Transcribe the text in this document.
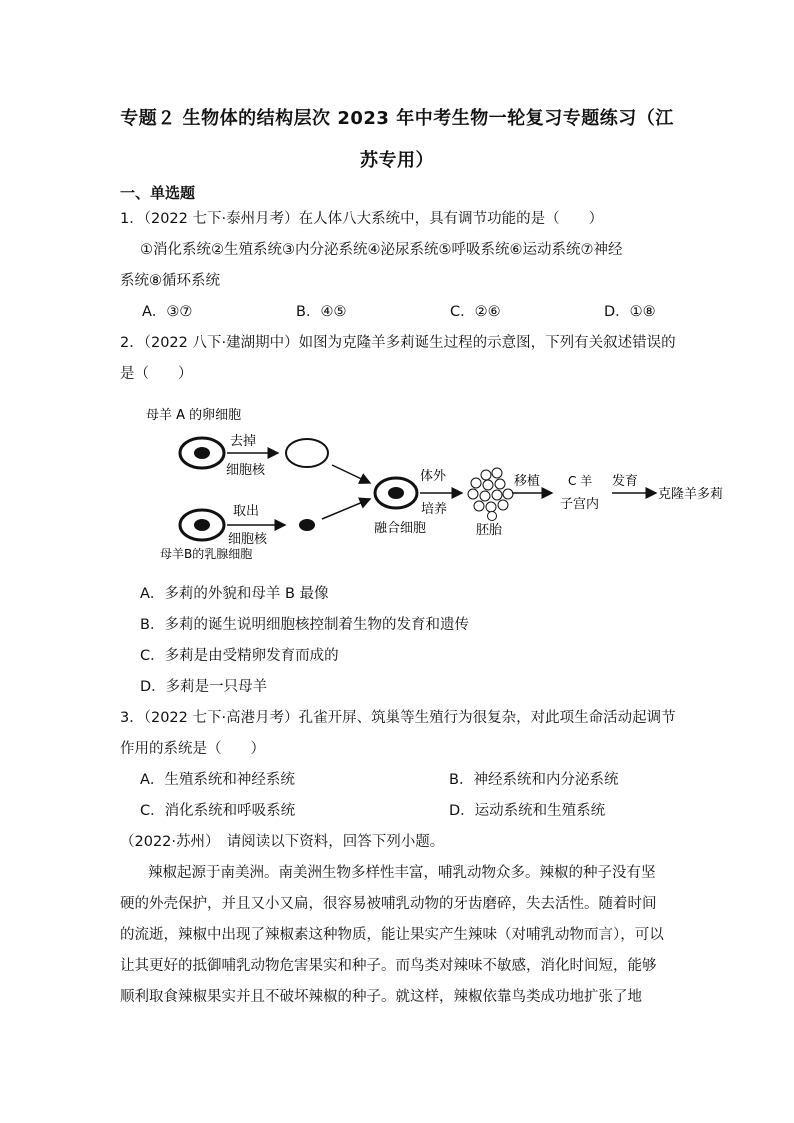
专题２ 生物体的结构层次 2023 年中考生物一轮复习专题练习（江
苏专用）
一、单选题
1．（2022 七下·泰州月考）在人体八大系统中，具有调节功能的是（　　）
①消化系统②生殖系统③内分泌系统④泌尿系统⑤呼吸系统⑥运动系统⑦神经
系统⑧循环系统
A．③⑦	B．④⑤	C．②⑥	D．①⑧
2．（2022 八下·建湖期中）如图为克隆羊多莉诞生过程的示意图，下列有关叙述错误的
是（　　）
母羊 A 的卵细胞
去掉
细胞核
取出
细胞核
母羊B的乳腺细胞
融合细胞
体外
培养
胚胎
移植 C 羊
子宫内
发育
克隆羊多莉
A．多莉的外貌和母羊 B 最像
B．多莉的诞生说明细胞核控制着生物的发育和遗传
C．多莉是由受精卵发育而成的
D．多莉是一只母羊
3．（2022 七下·高港月考）孔雀开屏、筑巢等生殖行为很复杂，对此项生命活动起调节
作用的系统是（　　）
A．生殖系统和神经系统	B．神经系统和内分泌系统
C．消化系统和呼吸系统	D．运动系统和生殖系统
（2022·苏州）　请阅读以下资料，回答下列小题。
辣椒起源于南美洲。南美洲生物多样性丰富，哺乳动物众多。辣椒的种子没有坚
硬的外壳保护，并且又小又扁，很容易被哺乳动物的牙齿磨碎，失去活性。随着时间
的流逝，辣椒中出现了辣椒素这种物质，能让果实产生辣味（对哺乳动物而言），可以
让其更好的抵御哺乳动物危害果实和种子。而鸟类对辣味不敏感，消化时间短，能够
顺利取食辣椒果实并且不破坏辣椒的种子。就这样，辣椒依靠鸟类成功地扩张了地
